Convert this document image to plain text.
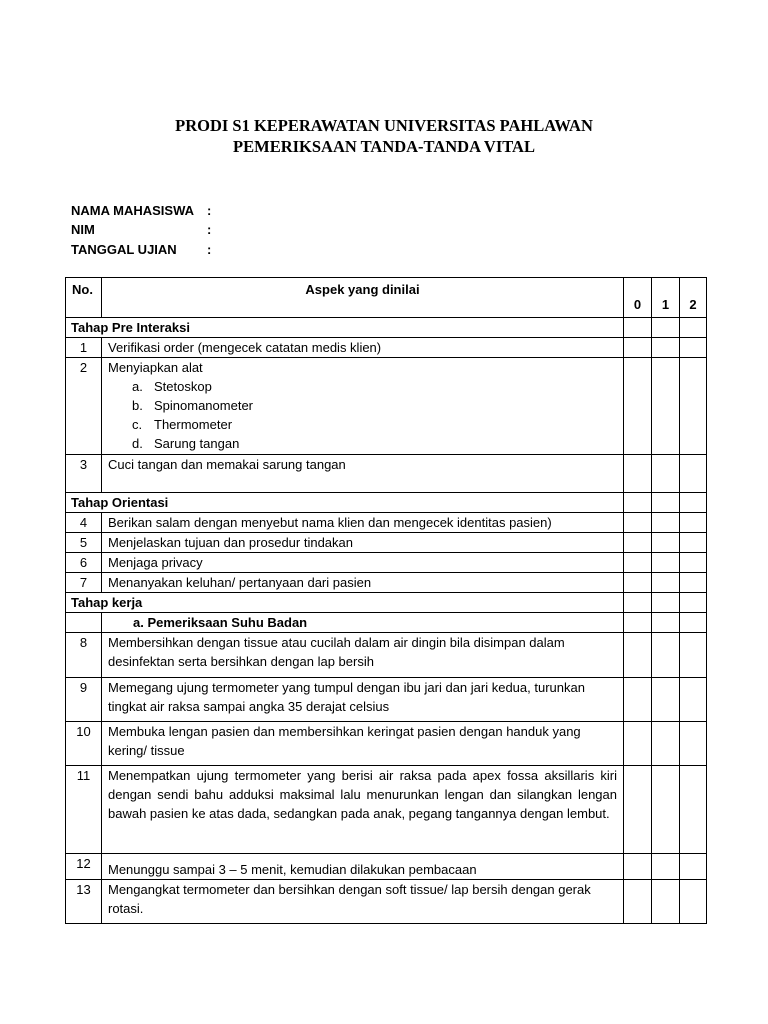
PRODI S1 KEPERAWATAN UNIVERSITAS PAHLAWAN
PEMERIKSAAN TANDA-TANDA VITAL
NAMA MAHASISWA :
NIM	:
TANGGAL UJIAN :
No.	Aspek yang dinilai	0	1	2
Tahap Pre Interaksi				
1	Verifikasi order (mengecek catatan medis klien)			
2	Menyiapkan alat
a. Stetoskop
b. Spinomanometer
c. Thermometer
d. Sarung tangan			

3	Cuci tangan dan memakai sarung tangan			
Tahap Orientasi				
4	Berikan salam dengan menyebut nama klien dan mengecek identitas pasien)			
5	Menjelaskan tujuan dan prosedur tindakan			
6	Menjaga privacy			
7	Menanyakan keluhan/ pertanyaan dari pasien			
Tahap kerja				
	a. Pemeriksaan Suhu Badan			
8	Membersihkan dengan tissue atau cucilah dalam air dingin bila disimpan dalam desinfektan serta bersihkan dengan lap bersih			
9	Memegang ujung termometer yang tumpul dengan ibu jari dan jari kedua, turunkan tingkat air raksa sampai angka 35 derajat celsius			
10	Membuka lengan pasien dan membersihkan keringat pasien dengan handuk yang kering/ tissue			
11	Menempatkan ujung termometer yang berisi air raksa pada apex fossa aksillaris kiri dengan sendi bahu adduksi maksimal lalu menurunkan lengan dan silangkan lengan bawah pasien ke atas dada, sedangkan pada anak, pegang tangannya dengan lembut.			
12	Menunggu sampai 3 – 5 menit, kemudian dilakukan pembacaan			
13	Mengangkat termometer dan bersihkan dengan soft tissue/ lap bersih dengan gerak rotasi.			
